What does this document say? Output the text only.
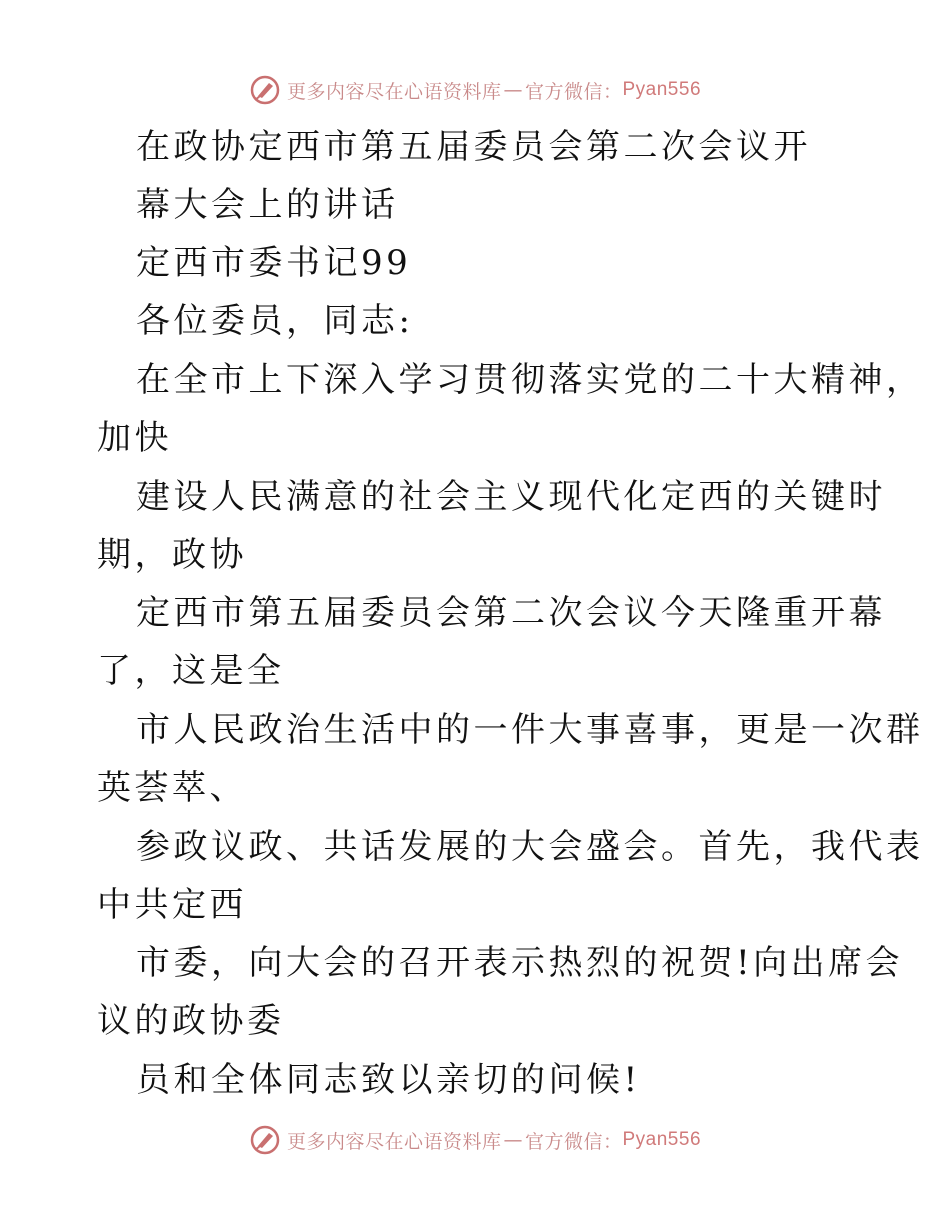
更多内容尽在心语资料库 — 官方微信： Pyan556
在政协定西市第五届委员会第二次会议开
幕大会上的讲话
定西市委书记99
各位委员，同志:
在全市上下深入学习贯彻落实党的二十大精神，
加快
建设人民满意的社会主义现代化定西的关键时
期，政协
定西市第五届委员会第二次会议今天隆重开幕
了，这是全
市人民政治生活中的一件大事喜事，更是一次群
英荟萃、
参政议政、共话发展的大会盛会。首先，我代表
中共定西
市委，向大会的召开表示热烈的祝贺!向出席会
议的政协委
员和全体同志致以亲切的问候!
更多内容尽在心语资料库 — 官方微信： Pyan556
